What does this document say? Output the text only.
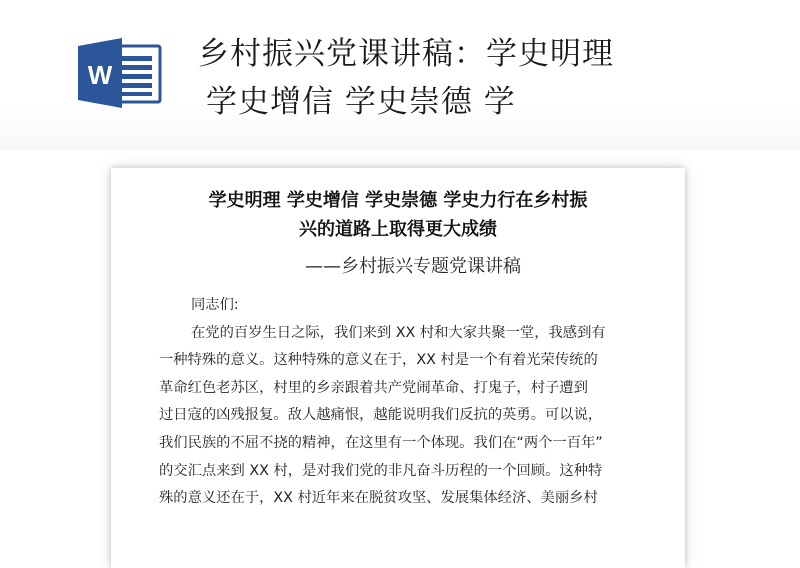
W
乡村振兴党课讲稿：学史明理
学史增信 学史崇德 学
学史明理 学史增信 学史崇德 学史力行在乡村振
兴的道路上取得更大成绩
——乡村振兴专题党课讲稿
同志们:
在党的百岁生日之际，我们来到 XX 村和大家共聚一堂，我感到有
一种特殊的意义。这种特殊的意义在于，XX 村是一个有着光荣传统的
革命红色老苏区，村里的乡亲跟着共产党闹革命、打鬼子，村子遭到
过日寇的凶残报复。敌人越痛恨，越能说明我们反抗的英勇。可以说，
我们民族的不屈不挠的精神，在这里有一个体现。我们在“两个一百年”
的交汇点来到 XX 村，是对我们党的非凡奋斗历程的一个回顾。这种特
殊的意义还在于，XX 村近年来在脱贫攻坚、发展集体经济、美丽乡村
